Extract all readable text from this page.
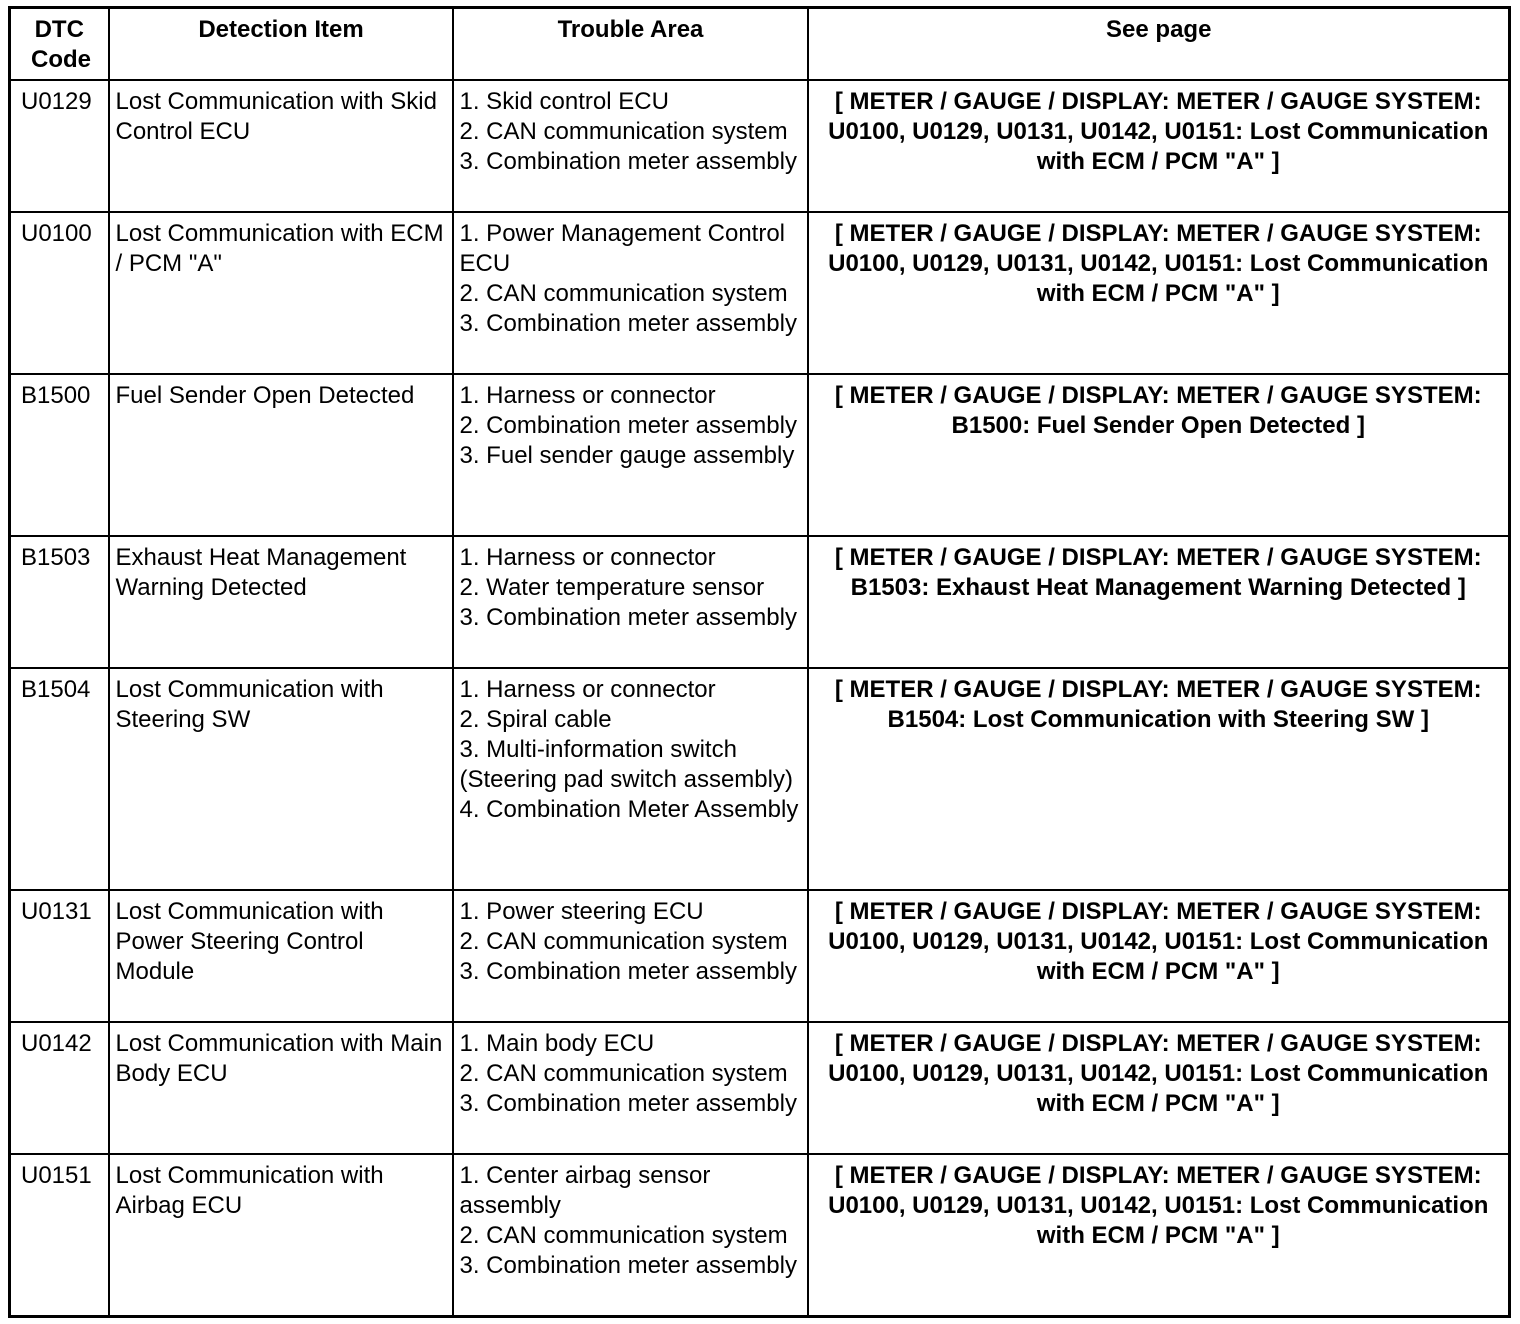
DTC Code	Detection Item	Trouble Area	See page
U0129	Lost Communication with Skid Control ECU	1. Skid control ECU
2. CAN communication system
3. Combination meter assembly	[ METER / GAUGE / DISPLAY: METER / GAUGE SYSTEM: U0100, U0129, U0131, U0142, U0151: Lost Communication with ECM / PCM "A" ]
U0100	Lost Communication with ECM / PCM "A"	1. Power Management Control ECU
2. CAN communication system
3. Combination meter assembly	[ METER / GAUGE / DISPLAY: METER / GAUGE SYSTEM: U0100, U0129, U0131, U0142, U0151: Lost Communication with ECM / PCM "A" ]
B1500	Fuel Sender Open Detected	1. Harness or connector
2. Combination meter assembly
3. Fuel sender gauge assembly	[ METER / GAUGE / DISPLAY: METER / GAUGE SYSTEM: B1500: Fuel Sender Open Detected ]
B1503	Exhaust Heat Management Warning Detected	1. Harness or connector
2. Water temperature sensor
3. Combination meter assembly	[ METER / GAUGE / DISPLAY: METER / GAUGE SYSTEM: B1503: Exhaust Heat Management Warning Detected ]
B1504	Lost Communication with Steering SW	1. Harness or connector
2. Spiral cable
3. Multi-information switch (Steering pad switch assembly)
4. Combination Meter Assembly	[ METER / GAUGE / DISPLAY: METER / GAUGE SYSTEM: B1504: Lost Communication with Steering SW ]
U0131	Lost Communication with Power Steering Control Module	1. Power steering ECU
2. CAN communication system
3. Combination meter assembly	[ METER / GAUGE / DISPLAY: METER / GAUGE SYSTEM: U0100, U0129, U0131, U0142, U0151: Lost Communication with ECM / PCM "A" ]
U0142	Lost Communication with Main Body ECU	1. Main body ECU
2. CAN communication system
3. Combination meter assembly	[ METER / GAUGE / DISPLAY: METER / GAUGE SYSTEM: U0100, U0129, U0131, U0142, U0151: Lost Communication with ECM / PCM "A" ]
U0151	Lost Communication with Airbag ECU	1. Center airbag sensor assembly
2. CAN communication system
3. Combination meter assembly	[ METER / GAUGE / DISPLAY: METER / GAUGE SYSTEM: U0100, U0129, U0131, U0142, U0151: Lost Communication with ECM / PCM "A" ]
